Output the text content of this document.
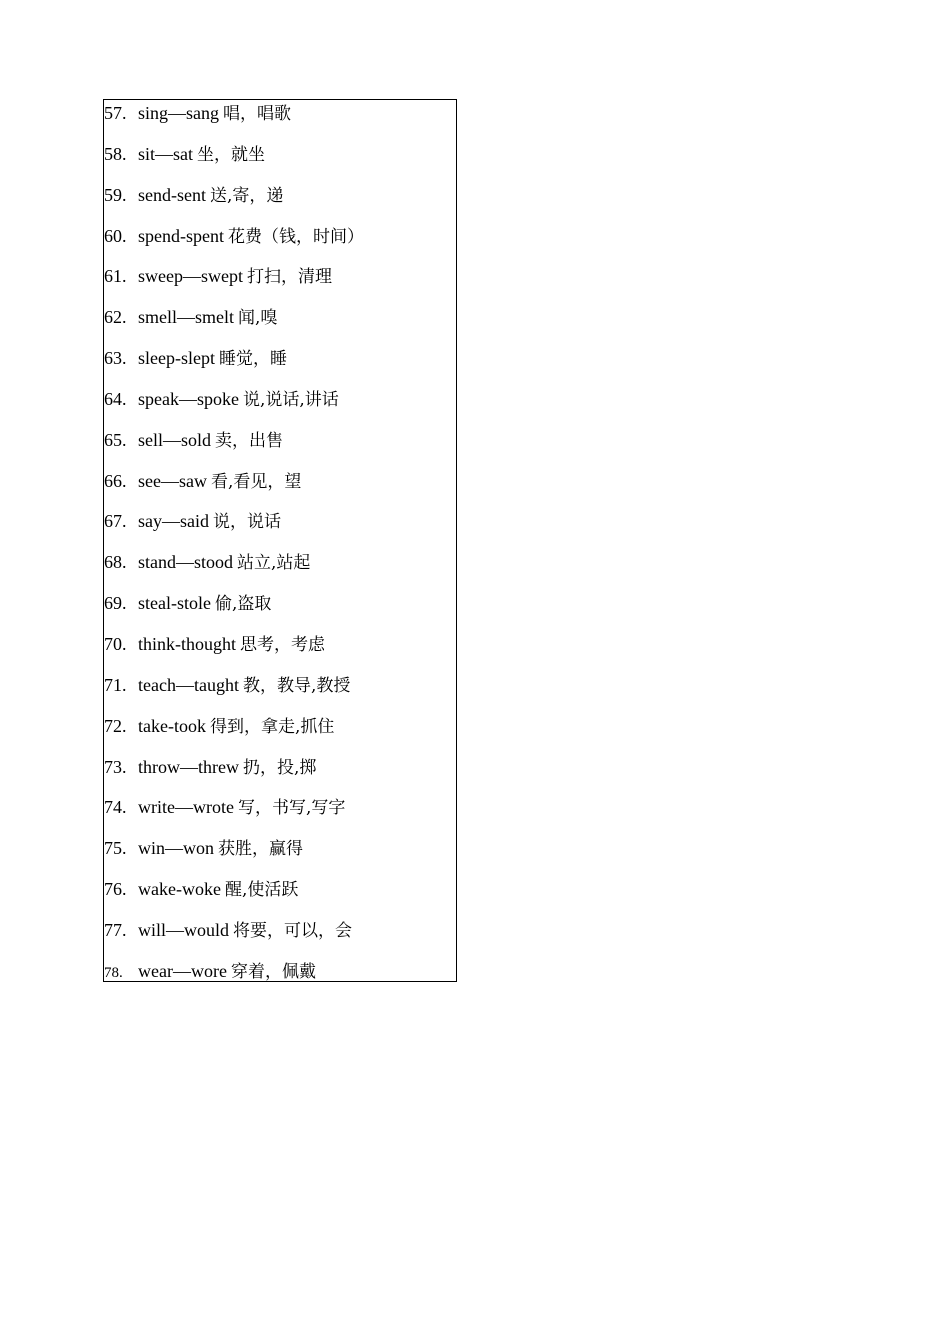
57. sing—sang 唱，唱歌
58. sit—sat 坐，就坐
59. send-sent 送,寄，递
60. spend-spent 花费（钱，时间）
61. sweep—swept 打扫，清理
62. smell—smelt 闻,嗅
63. sleep-slept 睡觉，睡
64. speak—spoke 说,说话,讲话
65. sell—sold 卖，出售
66. see—saw 看,看见，望
67. say—said 说，说话
68. stand—stood 站立,站起
69. steal-stole 偷,盗取
70. think-thought 思考，考虑
71. teach—taught 教，教导,教授
72. take-took 得到，拿走,抓住
73. throw—threw 扔，投,掷
74. write—wrote 写，书写,写字
75. win—won 获胜，赢得
76. wake-woke 醒,使活跃
77. will—would 将要，可以，会
78. wear—wore 穿着，佩戴
